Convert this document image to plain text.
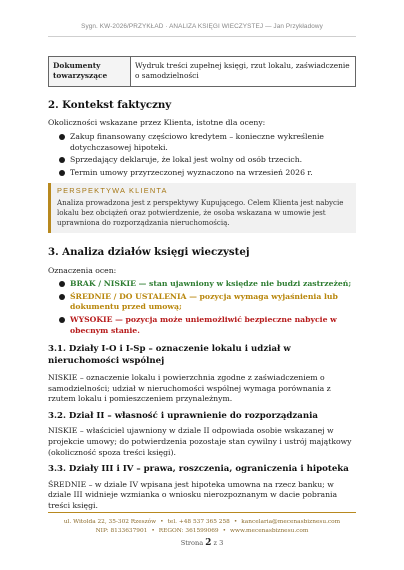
Sygn. KW-2026/PRZYKŁAD · ANALIZA KSIĘGI WIECZYSTEJ — Jan Przykładowy
Dokumenty towarzyszące	Wydruk treści zupełnej księgi, rzut lokalu, zaświadczenie o samodzielności
2. Kontekst faktyczny

Okoliczności wskazane przez Klienta, istotne dla oceny:

Zakup finansowany częściowo kredytem – konieczne wykreślenie dotychczasowej hipoteki.
Sprzedający deklaruje, że lokal jest wolny od osób trzecich.
Termin umowy przyrzeczonej wyznaczono na wrzesień 2026 r.
PERSPEKTYWA KLIENTA
Analiza prowadzona jest z perspektywy Kupującego. Celem Klienta jest nabycie lokalu bez obciążeń oraz potwierdzenie, że osoba wskazana w umowie jest uprawniona do rozporządzania nieruchomością.
3. Analiza działów księgi wieczystej

Oznaczenia ocen:

BRAK / NISKIE — stan ujawniony w księdze nie budzi zastrzeżeń;
ŚREDNIE / DO USTALENIA — pozycja wymaga wyjaśnienia lub dokumentu przed umową;
WYSOKIE — pozycja może uniemożliwić bezpieczne nabycie w obecnym stanie.
3.1. Działy I-O i I-Sp – oznaczenie lokalu i udział w nieruchomości wspólnej

NISKIE – oznaczenie lokalu i powierzchnia zgodne z zaświadczeniem o samodzielności; udział w nieruchomości wspólnej wymaga porównania z rzutem lokalu i pomieszczeniem przynależnym.

3.2. Dział II – własność i uprawnienie do rozporządzania

NISKIE – właściciel ujawniony w dziale II odpowiada osobie wskazanej w projekcie umowy; do potwierdzenia pozostaje stan cywilny i ustrój majątkowy (okoliczność spoza treści księgi).

3.3. Działy III i IV – prawa, roszczenia, ograniczenia i hipoteka

ŚREDNIE – w dziale IV wpisana jest hipoteka umowna na rzecz banku; w dziale III widnieje wzmianka o wniosku nierozpoznanym w dacie pobrania treści księgi.

ul. Witolda 22, 35-302 Rzeszów • tel. +48 537 365 258 • kancelaria@mecenasbiznesu.com
NIP: 8133637901 • REGON: 361599069 • www.mecenasbiznesu.com
Strona 2 z 3
